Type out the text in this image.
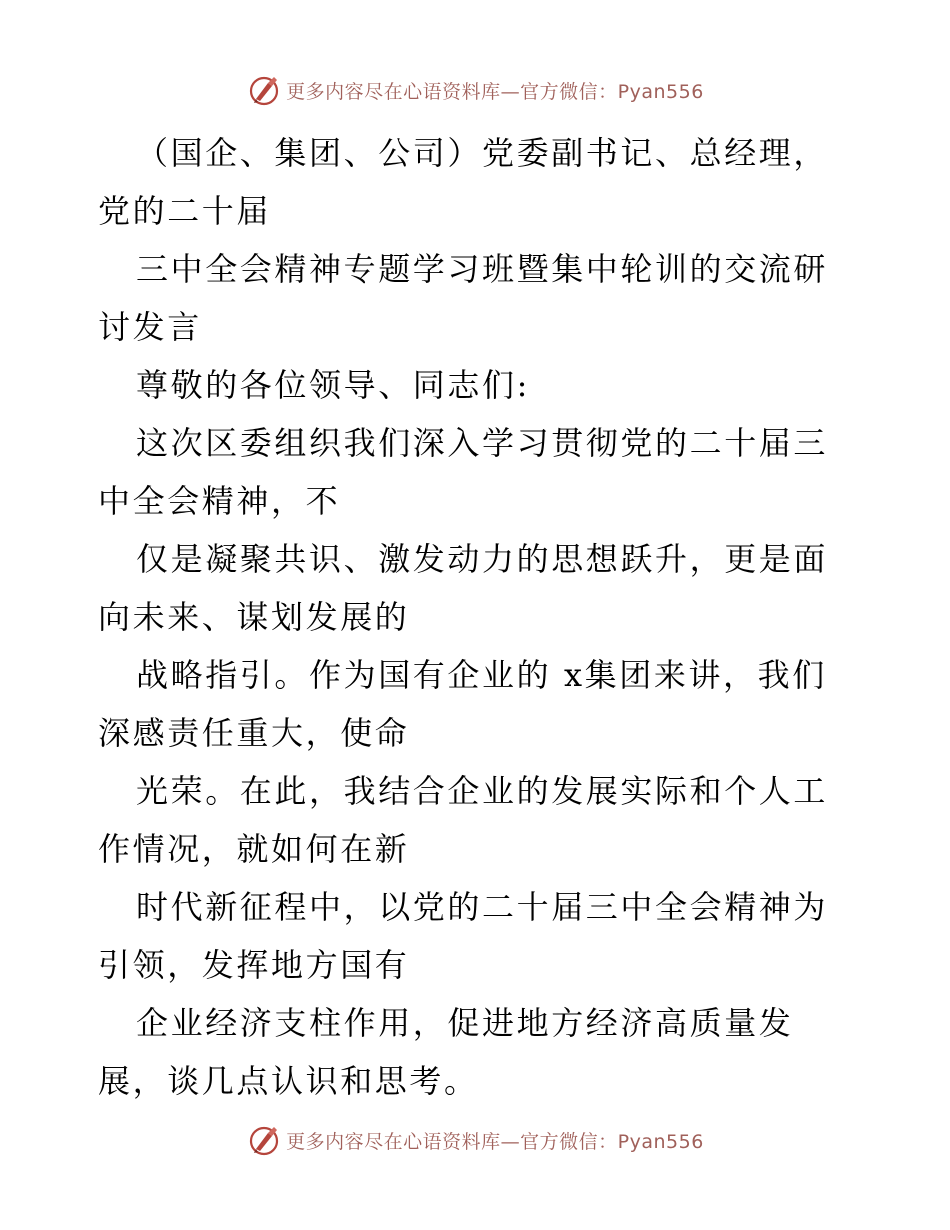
更多内容尽在心语资料库—官方微信：Pyan556

（国企、集团、公司）党委副书记、总经理，党的二十届

三中全会精神专题学习班暨集中轮训的交流研讨发言

尊敬的各位领导、同志们:

这次区委组织我们深入学习贯彻党的二十届三中全会精神，不

仅是凝聚共识、激发动力的思想跃升，更是面向未来、谋划发展的

战略指引。作为国有企业的 x集团来讲，我们深感责任重大，使命

光荣。在此，我结合企业的发展实际和个人工作情况，就如何在新

时代新征程中，以党的二十届三中全会精神为引领，发挥地方国有

企业经济支柱作用，促进地方经济高质量发展，谈几点认识和思考。

更多内容尽在心语资料库—官方微信：Pyan556
